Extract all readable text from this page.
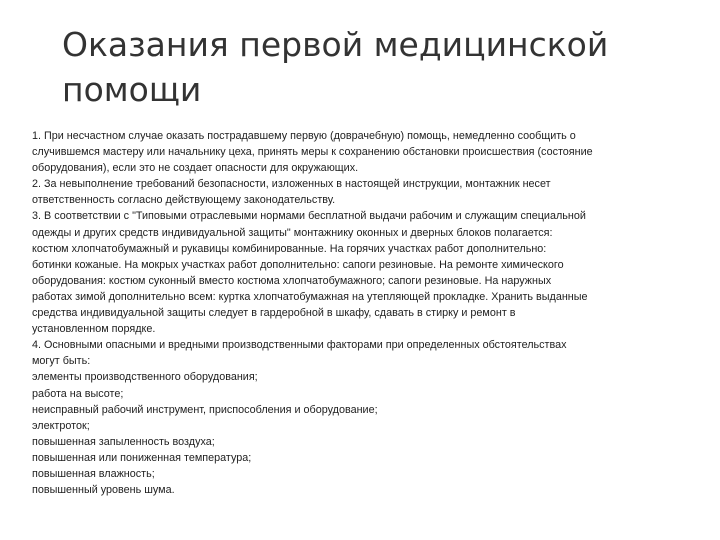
Оказания первой медицинской
помощи
1. При несчастном случае оказать пострадавшему первую (доврачебную) помощь, немедленно сообщить о
случившемся мастеру или начальнику цеха, принять меры к сохранению обстановки происшествия (состояние
оборудования), если это не создает опасности для окружающих.
2. За невыполнение требований безопасности, изложенных в настоящей инструкции, монтажник несет
ответственность согласно действующему законодательству.
3. В соответствии с "Типовыми отраслевыми нормами бесплатной выдачи рабочим и служащим специальной
одежды и других средств индивидуальной защиты" монтажнику оконных и дверных блоков полагается:
костюм хлопчатобумажный и рукавицы комбинированные. На горячих участках работ дополнительно:
ботинки кожаные. На мокрых участках работ дополнительно: сапоги резиновые. На ремонте химического
оборудования: костюм суконный вместо костюма хлопчатобумажного; сапоги резиновые. На наружных
работах зимой дополнительно всем: куртка хлопчатобумажная на утепляющей прокладке. Хранить выданные
средства индивидуальной защиты следует в гардеробной в шкафу, сдавать в стирку и ремонт в
установленном порядке.
4. Основными опасными и вредными производственными факторами при определенных обстоятельствах
могут быть:
элементы производственного оборудования;
работа на высоте;
неисправный рабочий инструмент, приспособления и оборудование;
электроток;
повышенная запыленность воздуха;
повышенная или пониженная температура;
повышенная влажность;
повышенный уровень шума.
